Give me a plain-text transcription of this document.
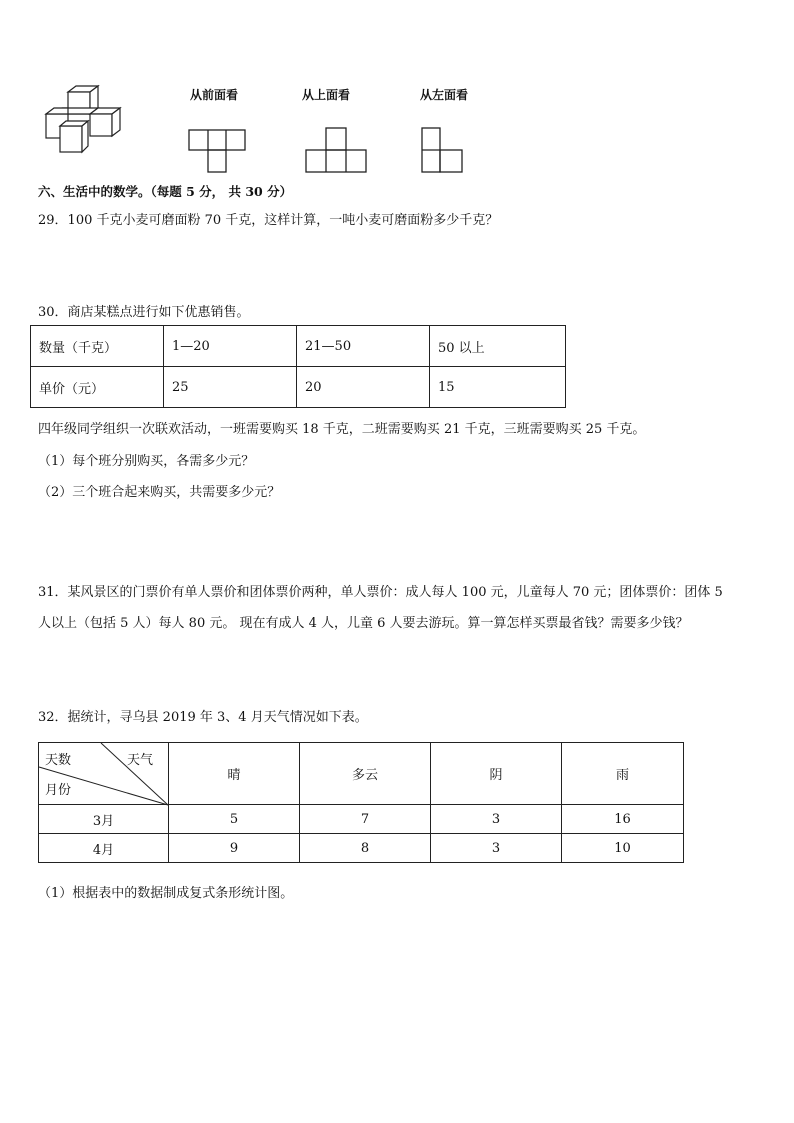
从前面看	从上面看	从左面看
六、生活中的数学。（每题 5 分， 共 30 分）
29．100 千克小麦可磨面粉 70 千克，这样计算，一吨小麦可磨面粉多少千克？
30．商店某糕点进行如下优惠销售。
数量（千克）	1—20	21—50	50 以上
单价（元）	25	20	15
四年级同学组织一次联欢活动，一班需要购买 18 千克，二班需要购买 21 千克，三班需要购买 25 千克。
（1）每个班分别购买，各需多少元？
（2）三个班合起来购买，共需要多少元？
31．某风景区的门票价有单人票价和团体票价两种，单人票价：成人每人 100 元，儿童每人 70 元；团体票价：团体 5
人以上（包括 5 人）每人 80 元。 现在有成人 4 人，儿童 6 人要去游玩。算一算怎样买票最省钱？需要多少钱？
32．据统计，寻乌县 2019 年 3、4 月天气情况如下表。
天数 天气
月份	晴	多云	阴	雨
3月	5	7	3	16
4月	9	8	3	10
（1）根据表中的数据制成复式条形统计图。
